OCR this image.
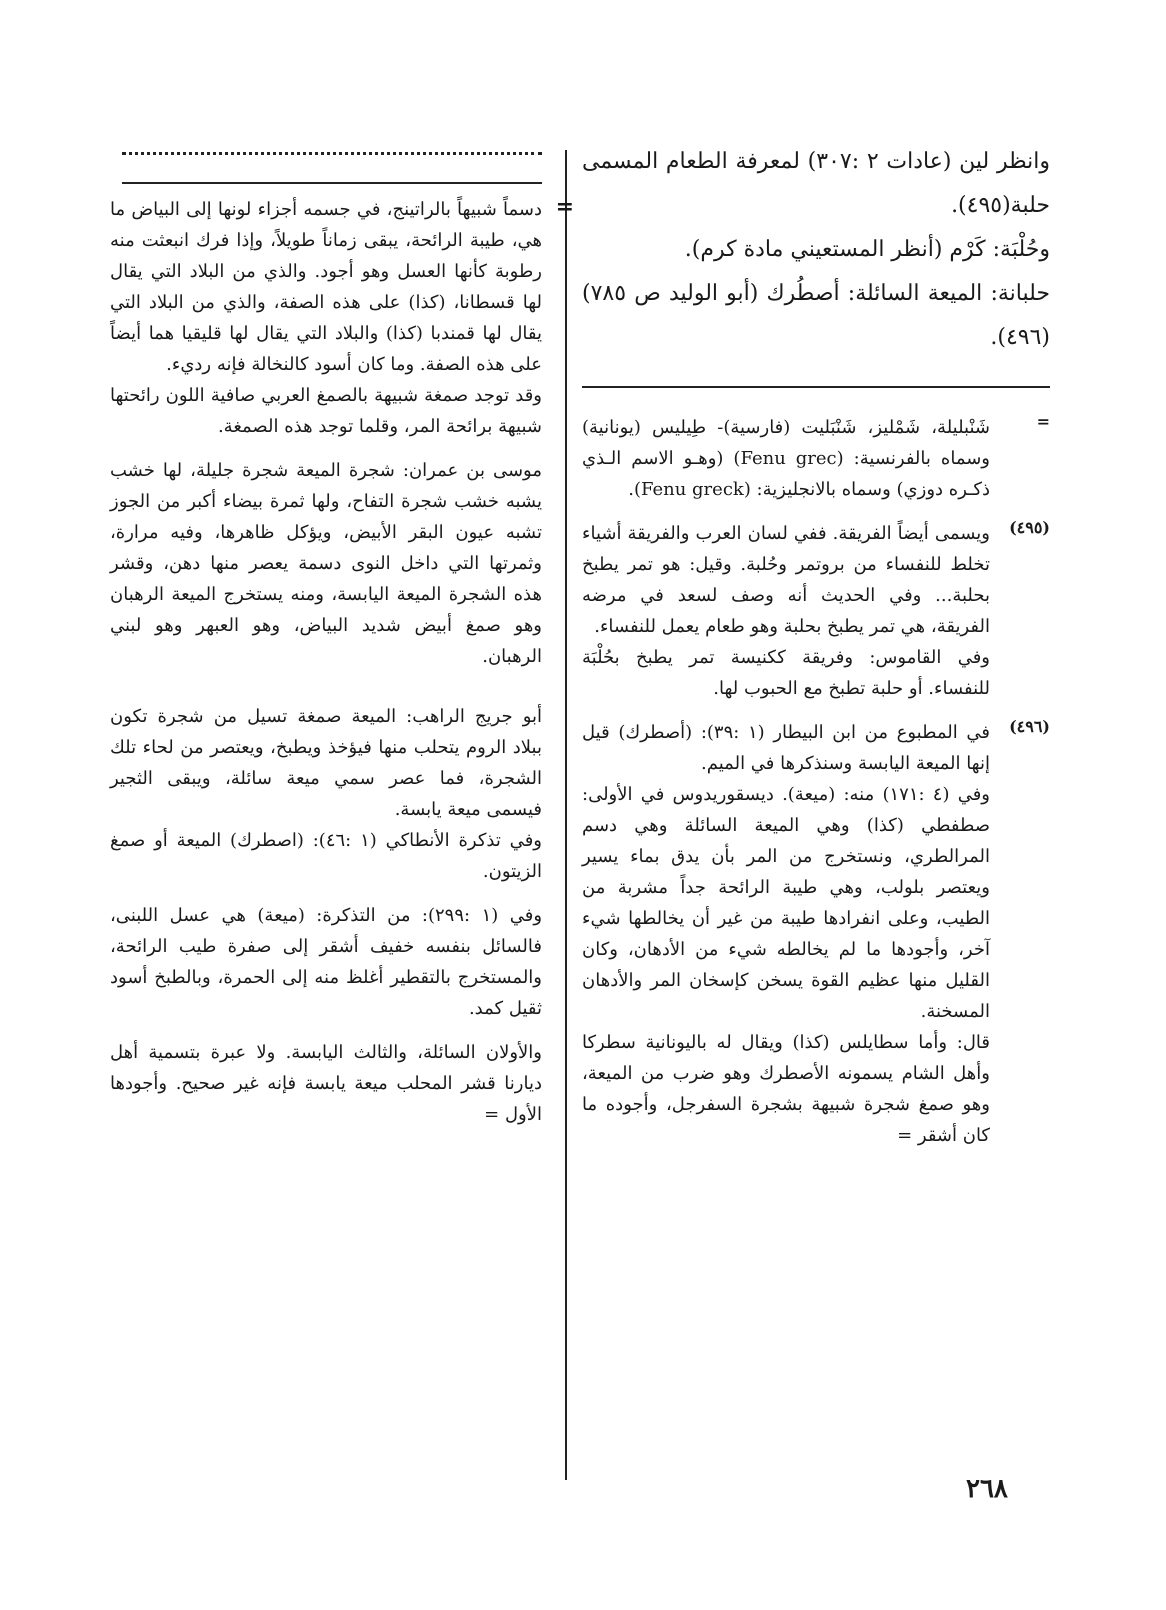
وانظر لين (عادات ٢ :٣٠٧) لمعرفة الطعام المسمى حلبة(٤٩٥).

وحُلْبَة: كَرْم (أنظر المستعيني مادة كرم).

حلبانة: الميعة السائلة: أصطُرك (أبو الوليد ص ٧٨٥)(٤٩٦).

=

شَنْبليلة، شَمْليز، شَنْبَليت (فارسية)- طِيليس (يونانية) وسماه بالفرنسية: (Fenu grec) (وهـو الاسم الـذي ذكـره دوزي) وسماه بالانجليزية: (Fenu greck).

(٤٩٥)

ويسمى أيضاً الفريقة. ففي لسان العرب والفريقة أشياء تخلط للنفساء من بروتمر وحُلبة. وقيل: هو تمر يطبخ بحلبة... وفي الحديث أنه وصف لسعد في مرضه الفريقة، هي تمر يطبخ بحلبة وهو طعام يعمل للنفساء.

وفي القاموس: وفريقة ككنيسة تمر يطبخ بحُلْبَة للنفساء. أو حلبة تطبخ مع الحبوب لها.

(٤٩٦)

في المطبوع من ابن البيطار (١ :٣٩): (أصطرك) قيل إنها الميعة اليابسة وسنذكرها في الميم.

وفي (٤ :١٧١) منه: (ميعة). ديسقوريدوس في الأولى: صطفطي (كذا) وهي الميعة السائلة وهي دسم المرالطري، ونستخرج من المر بأن يدق بماء يسير ويعتصر بلولب، وهي طيبة الرائحة جداً مشربة من الطيب، وعلى انفرادها طيبة من غير أن يخالطها شيء آخر، وأجودها ما لم يخالطه شيء من الأدهان، وكان القليل منها عظيم القوة يسخن كإسخان المر والأدهان المسخنة.

قال: وأما سطايلس (كذا) ويقال له باليونانية سطركا وأهل الشام يسمونه الأصطرك وهو ضرب من الميعة، وهو صمغ شجرة شبيهة بشجرة السفرجل، وأجوده ما كان أشقر =

=

دسماً شبيهاً بالراتينج، في جسمه أجزاء لونها إلى البياض ما هي، طيبة الرائحة، يبقى زماناً طويلاً، وإذا فرك انبعثت منه رطوبة كأنها العسل وهو أجود. والذي من البلاد التي يقال لها قسطانا، (كذا) على هذه الصفة، والذي من البلاد التي يقال لها قمندبا (كذا) والبلاد التي يقال لها قليقيا هما أيضاً على هذه الصفة. وما كان أسود كالنخالة فإنه رديء.

وقد توجد صمغة شبيهة بالصمغ العربي صافية اللون رائحتها شبيهة برائحة المر، وقلما توجد هذه الصمغة.

موسى بن عمران: شجرة الميعة شجرة جليلة، لها خشب يشبه خشب شجرة التفاح، ولها ثمرة بيضاء أكبر من الجوز تشبه عيون البقر الأبيض، ويؤكل ظاهرها، وفيه مرارة، وثمرتها التي داخل النوى دسمة يعصر منها دهن، وقشر هذه الشجرة الميعة اليابسة، ومنه يستخرج الميعة الرهبان وهو صمغ أبيض شديد البياض، وهو العبهر وهو لبني الرهبان.

أبو جريج الراهب: الميعة صمغة تسيل من شجرة تكون ببلاد الروم يتحلب منها فيؤخذ ويطبخ، ويعتصر من لحاء تلك الشجرة، فما عصر سمي ميعة سائلة، ويبقى الثجير فيسمى ميعة يابسة.

وفي تذكرة الأنطاكي (١ :٤٦): (اصطرك) الميعة أو صمغ الزيتون.

وفي (١ :٢٩٩): من التذكرة: (ميعة) هي عسل اللبنى، فالسائل بنفسه خفيف أشقر إلى صفرة طيب الرائحة، والمستخرج بالتقطير أغلظ منه إلى الحمرة، وبالطبخ أسود ثقيل كمد.

والأولان السائلة، والثالث اليابسة. ولا عبرة بتسمية أهل ديارنا قشر المحلب ميعة يابسة فإنه غير صحيح. وأجودها الأول =

٢٦٨
